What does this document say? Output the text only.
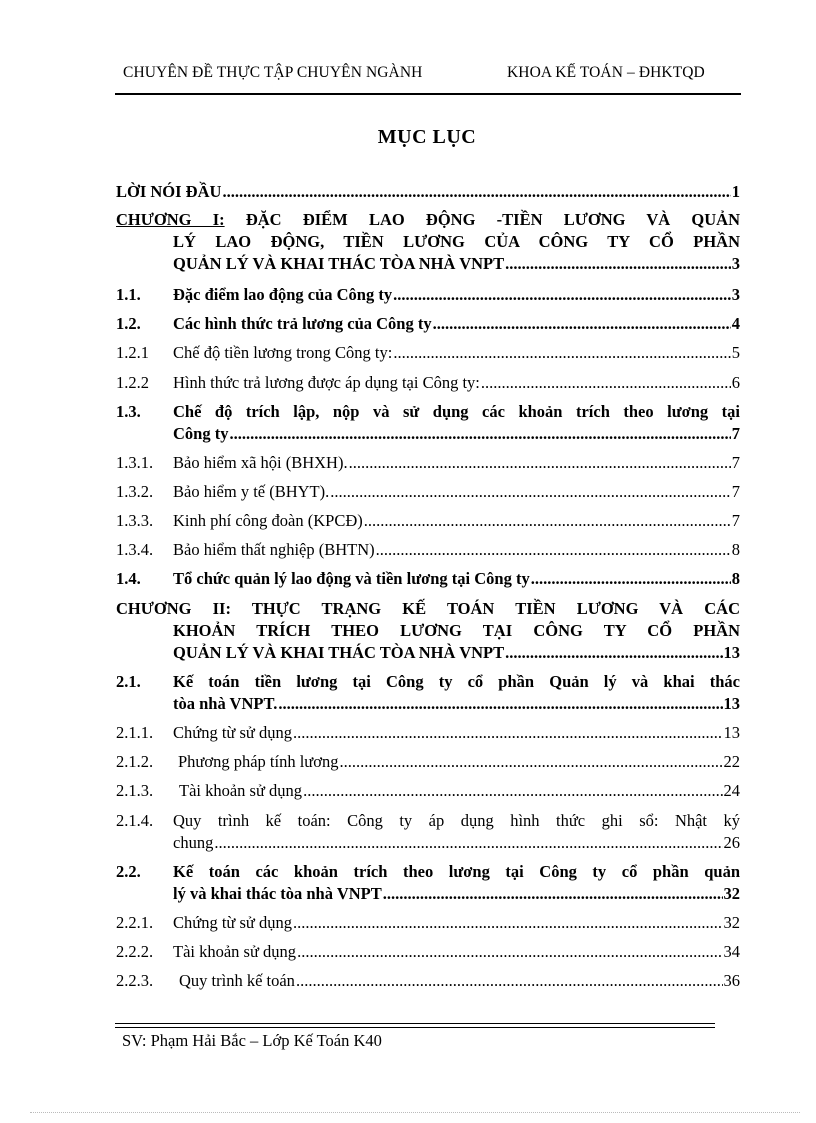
CHUYÊN ĐỀ THỰC TẬP CHUYÊN NGÀNH	KHOA KẾ TOÁN – ĐHKTQD
MỤC LỤC
LỜI NÓI ĐẦU .....	1
CHƯƠNG I: ĐẶC ĐIỂM LAO ĐỘNG -TIỀN LƯƠNG VÀ QUẢN
LÝ LAO ĐỘNG, TIỀN LƯƠNG CỦA CÔNG TY CỔ PHẦN
QUẢN LÝ VÀ KHAI THÁC TÒA NHÀ VNPT .....	3
1.1. Đặc điểm lao động của Công ty .....	3
1.2. Các hình thức trả lương của Công ty .....	4
1.2.1 Chế độ tiền lương trong Công ty: .....	5
1.2.2 Hình thức trả lương được áp dụng tại Công ty: .....	6
1.3. Chế độ trích lập, nộp và sử dụng các khoản trích theo lương tại
Công ty .....	7
1.3.1. Bảo hiểm xã hội (BHXH). .....	7
1.3.2. Bảo hiểm y tế (BHYT). .....	7
1.3.3. Kinh phí công đoàn (KPCĐ) .....	7
1.3.4. Bảo hiểm thất nghiệp (BHTN) .....	8
1.4. Tổ chức quản lý lao động và tiền lương tại Công ty .....	8
CHƯƠNG II: THỰC TRẠNG KẾ TOÁN TIỀN LƯƠNG VÀ CÁC
KHOẢN TRÍCH THEO LƯƠNG TẠI CÔNG TY CỔ PHẦN
QUẢN LÝ VÀ KHAI THÁC TÒA NHÀ VNPT .....	13
2.1. Kế toán tiền lương tại Công ty cổ phần Quản lý và khai thác
tòa nhà VNPT. .....	13
2.1.1. Chứng từ sử dụng .....	13
2.1.2.	Phương pháp tính lương .....	22
2.1.3.	Tài khoản sử dụng .....	24
2.1.4. Quy trình kế toán: Công ty áp dụng hình thức ghi sổ: Nhật ký
chung .....	26
2.2. Kế toán các khoản trích theo lương tại Công ty cổ phần quản
lý và khai thác tòa nhà VNPT .....	32
2.2.1. Chứng từ sử dụng .....	32
2.2.2. Tài khoản sử dụng .....	34
2.2.3.	Quy trình kế toán .....	36
SV: Phạm Hải Bắc – Lớp Kế Toán K40
